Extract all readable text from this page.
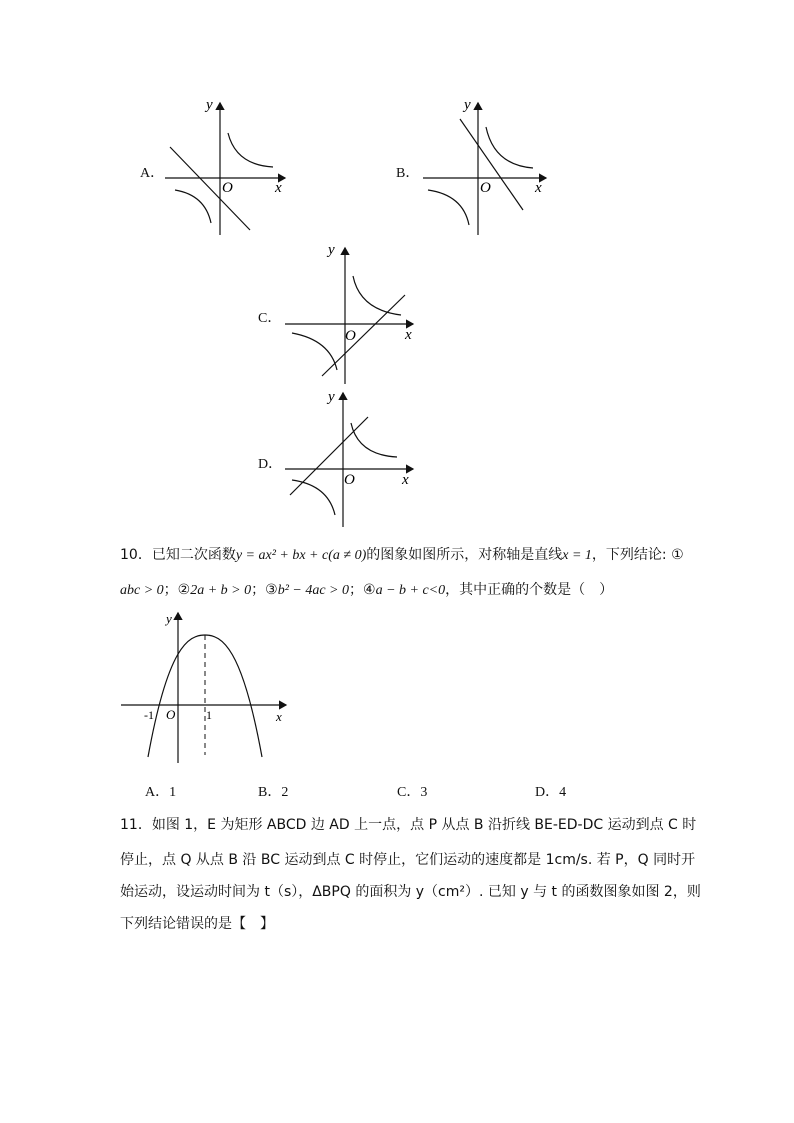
A．
y
O	x
B．
y
O	x
C．
y
O	x
D．
y
O	x
10．已知二次函数y = ax² + bx + c(a ≠ 0)的图象如图所示，对称轴是直线x = 1，下列结论: ①
abc > 0；②2a + b > 0；③b² − 4ac > 0；④a − b + c<0，其中正确的个数是（　）
y
x
O
-1	1
A．1	B．2	C．3	D．4
11．如图 1，E 为矩形 ABCD 边 AD 上一点，点 P 从点 B 沿折线 BE-ED-DC 运动到点 C 时
停止，点 Q 从点 B 沿 BC 运动到点 C 时停止，它们运动的速度都是 1cm/s. 若 P，Q 同时开
始运动，设运动时间为 t（s），ΔBPQ 的面积为 y（cm²）. 已知 y 与 t 的函数图象如图 2，则
下列结论错误的是【　】
